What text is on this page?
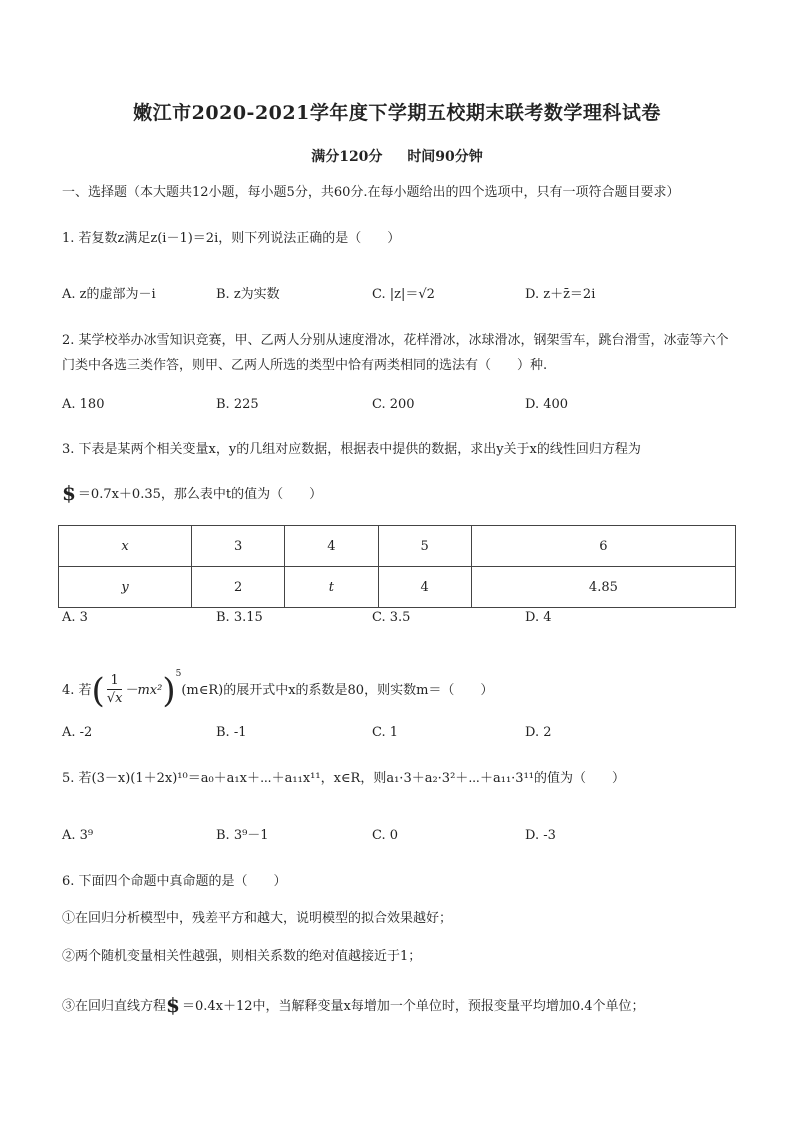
嫩江市2020-2021学年度下学期五校期末联考数学理科试卷
满分120分 时间90分钟
一、选择题（本大题共12小题，每小题5分，共60分.在每小题给出的四个选项中，只有一项符合题目要求）
1. 若复数z满足z(i－1)＝2i，则下列说法正确的是（　　）
A. z的虚部为－i	B. z为实数	C. |z|＝√2	D. z＋z̄＝2i
2. 某学校举办冰雪知识竞赛，甲、乙两人分别从速度滑冰，花样滑冰，冰球滑冰，钢架雪车，跳台滑雪，冰壶等六个门类中各选三类作答，则甲、乙两人所选的类型中恰有两类相同的选法有（　　）种.
A. 180	B. 225	C. 200	D. 400
3. 下表是某两个相关变量x，y的几组对应数据，根据表中提供的数据，求出y关于x的线性回归方程为
$ ＝0.7x＋0.35，那么表中t的值为（　　）
x	3	4	5	6
y	2	t	4	4.85
A. 3	B. 3.15	C. 3.5	D. 4
4. 若( $\frac{1}{√x}$ －mx²)$^5$(m∈R)的展开式中x的系数是80，则实数m＝（　　）
A. -2	B. -1	C. 1	D. 2
5. 若(3－x)(1＋2x)¹⁰＝a₀＋a₁x＋⋯＋a₁₁x¹¹，x∈R，则a₁·3＋a₂·3²＋⋯＋a₁₁·3¹¹的值为（　　）
A. 3⁹	B. 3⁹－1	C. 0	D. -3
6. 下面四个命题中真命题的是（　　）
①在回归分析模型中，残差平方和越大，说明模型的拟合效果越好；
②两个随机变量相关性越强，则相关系数的绝对值越接近于1；
③在回归直线方程$ ＝0.4x＋12中，当解释变量x每增加一个单位时，预报变量平均增加0.4个单位；
